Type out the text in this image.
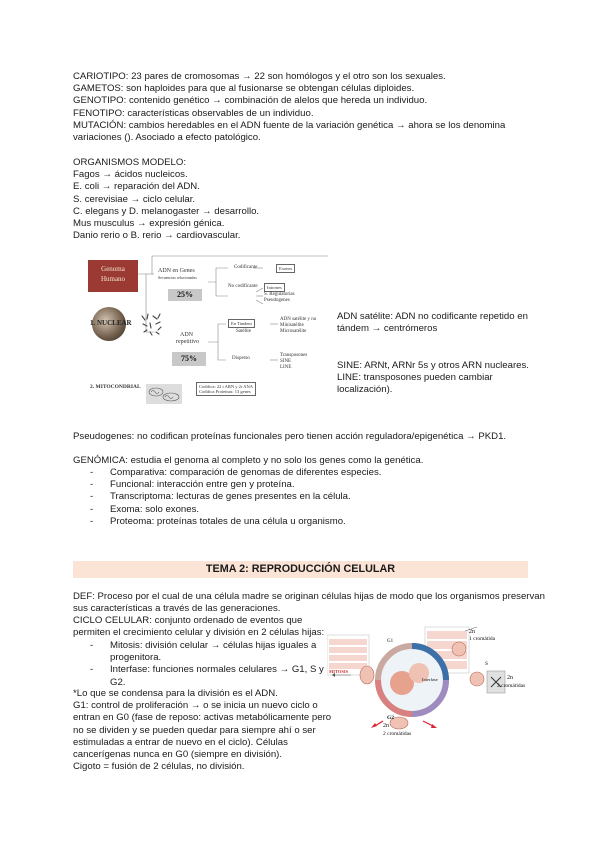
CARIOTIPO: 23 pares de cromosomas → 22 son homólogos y el otro son los sexuales.
GAMETOS: son haploides para que al fusionarse se obtengan células diploides.
GENOTIPO: contenido genético → combinación de alelos que hereda un individuo.
FENOTIPO: características observables de un individuo.
MUTACIÓN: cambios heredables en el ADN fuente de la variación genética → ahora se los denomina
variaciones (). Asociado a efecto patológico.
ORGANISMOS MODELO:
Fagos → ácidos nucleicos.
E. coli → reparación del ADN.
S. cerevisiae → ciclo celular.
C. elegans y D. melanogaster → desarrollo.
Mus musculus → expresión génica.
Danio rerio o B. rerio → cardiovascular.
Genoma
Humano
ADN en Genes
Secuencias relacionadas
25%
Codificante	Exones
No codificante	Intrones
S. Regulatorias
Pseudogenes
1. NUCLEAR
ADN
repetitivo
75%
En Tándem
Satélite
ADN satélite y no
Minisatélite
Microsatélite
Disperso
Transposones
SINE
LINE
2. MITOCONDRIAL	Codifica: 22 t ARN y 2r ANA
Codifica Proteínas: 13 genes
ADN satélite: ADN no codificante repetido en
tándem → centrómeros
SINE: ARNt, ARNr 5s y otros ARN nucleares.
LINE: transposones pueden cambiar
localización).
Pseudogenes: no codifican proteínas funcionales pero tienen acción reguladora/epigenética → PKD1.
GENÓMICA: estudia el genoma al completo y no solo los genes como la genética.
- Comparativa: comparación de genomas de diferentes especies.
- Funcional: interacción entre gen y proteína.
- Transcriptoma: lecturas de genes presentes en la célula.
- Exoma: solo exones.
- Proteoma: proteínas totales de una célula u organismo.
TEMA 2: REPRODUCCIÓN CELULAR
DEF: Proceso por el cual de una célula madre se originan células hijas de modo que los organismos preservan
sus características a través de las generaciones.
CICLO CELULAR: conjunto ordenado de eventos que
permiten el crecimiento celular y división en 2 células hijas:
- Mitosis: división celular → células hijas iguales a
progenitora.
- Interfase: funciones normales celulares → G1, S y
G2.
*Lo que se condensa para la división es el ADN.
G1: control de proliferación → o se inicia un nuevo ciclo o
entran en G0 (fase de reposo: activas metabólicamente pero
no se dividen y se pueden quedar para siempre ahí o ser
estimuladas a entrar de nuevo en el ciclo). Células
cancerígenas nunca en G0 (siempre en división).
Cigoto = fusión de 2 células, no división.
2n
1 cromátida
S
2n
2 cromátidas
G2
2n
2 cromátidas
G1
MITOSIS
Interfase
